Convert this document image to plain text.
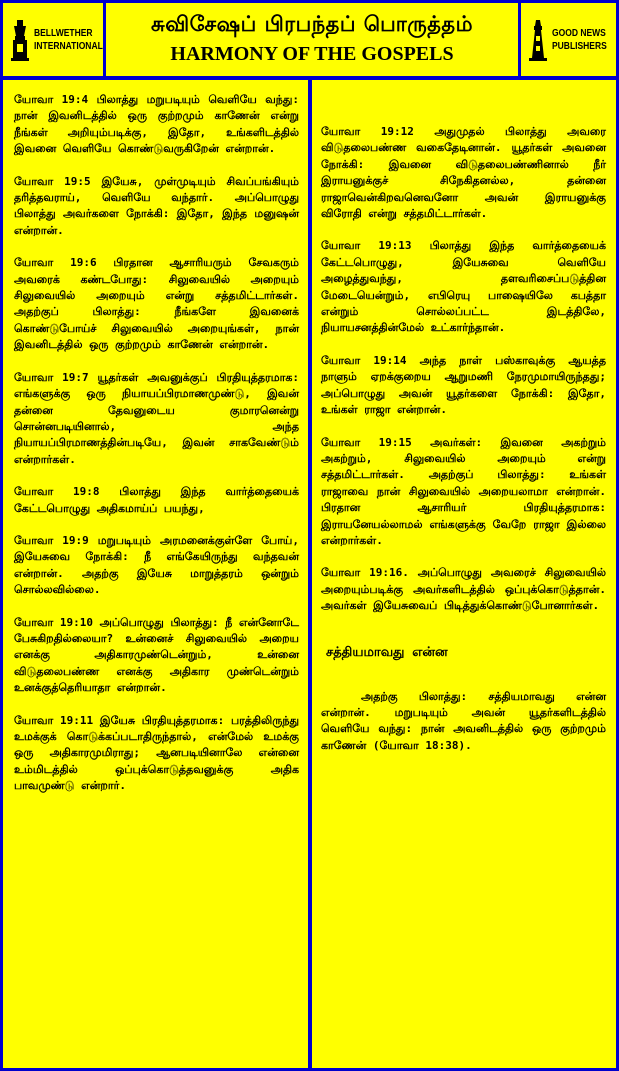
BELLWETHER
INTERNATIONAL
சுவிசேஷப் பிரபந்தப் பொருத்தம்
HARMONY OF THE GOSPELS
GOOD NEWS
PUBLISHERS

யோவா 19:4 பிலாத்து மறுபடியும் வெளியே வந்து: நான் இவனிடத்தில் ஒரு குற்றமும் காணேன் என்று நீங்கள் அறியும்படிக்கு, இதோ, உங்களிடத்தில் இவனை வெளியே கொண்டுவருகிறேன் என்றான்.

யோவா 19:5 இயேசு, முள்முடியும் சிவப்பங்கியும் தரித்தவராய், வெளியே வந்தார். அப்பொழுது பிலாத்து அவர்களை நோக்கி: இதோ, இந்த மனுஷன் என்றான்.

யோவா 19:6 பிரதான ஆசாரியரும் சேவகரும் அவரைக் கண்டபோது: சிலுவையில் அறையும் சிலுவையில் அறையும் என்று சத்தமிட்டார்கள். அதற்குப் பிலாத்து: நீங்களே இவனைக் கொண்டுபோய்ச் சிலுவையில் அறையுங்கள், நான் இவனிடத்தில் ஒரு குற்றமும் காணேன் என்றான்.

யோவா 19:7 யூதர்கள் அவனுக்குப் பிரதியுத்தரமாக: எங்களுக்கு ஒரு நியாயப்பிரமாணமுண்டு, இவன் தன்னை தேவனுடைய குமாரனென்று சொன்னபடியினால், அந்த நியாயப்பிரமாணத்தின்படியே, இவன் சாகவேண்டும் என்றார்கள்.

யோவா 19:8 பிலாத்து இந்த வார்த்தையைக் கேட்டபொழுது அதிகமாய்ப் பயந்து,

யோவா 19:9 மறுபடியும் அரமனைக்குள்ளே போய், இயேசுவை நோக்கி: நீ எங்கேயிருந்து வந்தவன் என்றான். அதற்கு இயேசு மாறுத்தரம் ஒன்றும் சொல்லவில்லை.

யோவா 19:10 அப்பொழுது பிலாத்து: நீ என்னோடே பேசுகிறதில்லையா? உன்னைச் சிலுவையில் அறைய எனக்கு அதிகாரமுண்டென்றும், உன்னை விடுதலைபண்ண எனக்கு அதிகார முண்டென்றும் உனக்குத்தெரியாதா என்றான்.

யோவா 19:11 இயேசு பிரதியுத்தரமாக: பரத்திலிருந்து உமக்குக் கொடுக்கப்படாதிருந்தால், என்மேல் உமக்கு ஒரு அதிகாரமுமிராது; ஆனபடியினாலே என்னை உம்மிடத்தில் ஒப்புக்கொடுத்தவனுக்கு அதிக பாவமுண்டு என்றார்.

யோவா 19:12 அதுமுதல் பிலாத்து அவரை விடுதலைபண்ண வகைதேடினான். யூதர்கள் அவனை நோக்கி: இவனை விடுதலைபண்ணினால் நீர் இராயனுக்குச் சிநேகிதனல்ல, தன்னை ராஜாவென்கிறவனெவனோ அவன் இராயனுக்கு விரோதி என்று சத்தமிட்டார்கள்.

யோவா 19:13 பிலாத்து இந்த வார்த்தையைக் கேட்டபொழுது, இயேசுவை வெளியே அழைத்துவந்து, தளவரிசைப்படுத்தின மேடையென்றும், எபிரெயு பாஷையிலே கபத்தா என்றும் சொல்லப்பட்ட இடத்திலே, நியாயசனத்தின்மேல் உட்கார்ந்தான்.

யோவா 19:14 அந்த நாள் பஸ்காவுக்கு ஆயத்த நாளும் ஏறக்குறைய ஆறுமணி நேரமுமாயிருந்தது; அப்பொழுது அவன் யூதர்களை நோக்கி: இதோ, உங்கள் ராஜா என்றான்.

யோவா 19:15 அவர்கள்: இவனை அகற்றும் அகற்றும், சிலுவையில் அறையும் என்று சத்தமிட்டார்கள். அதற்குப் பிலாத்து: உங்கள் ராஜாவை நான் சிலுவையில் அறையலாமா என்றான். பிரதான ஆசாரியர் பிரதியுத்தரமாக: இராயனேயல்லாமல் எங்களுக்கு வேறே ராஜா இல்லை என்றார்கள்.

யோவா 19:16. அப்பொழுது அவரைச் சிலுவையில் அறையும்படிக்கு அவர்களிடத்தில் ஒப்புக்கொடுத்தான். அவர்கள் இயேசுவைப் பிடித்துக்கொண்டுபோனார்கள்.

சத்தியமாவது என்ன

அதற்கு பிலாத்து: சத்தியமாவது என்ன என்றான். மறுபடியும் அவன் யூதர்களிடத்தில் வெளியே வந்து: நான் அவனிடத்தில் ஒரு குற்றமும் காணேன் (யோவா 18:38).
